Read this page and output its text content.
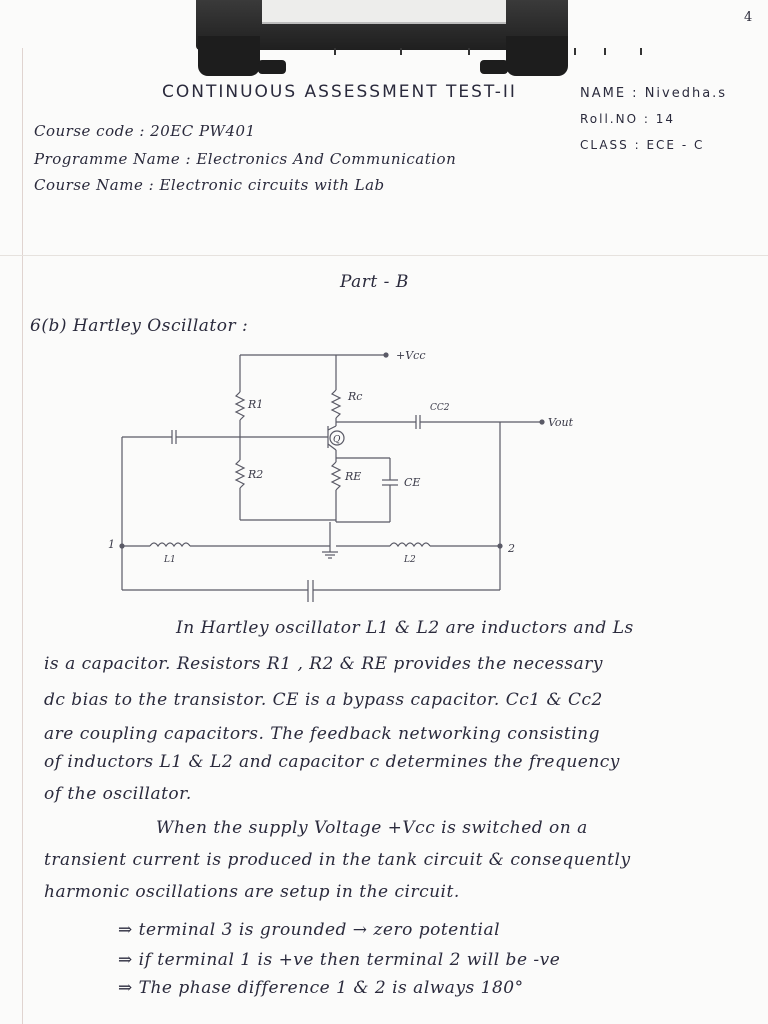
4
CONTINUOUS ASSESSMENT TEST-II	NAME : Nivedha.s
Roll.NO : 14
CLASS : ECE - C
Course code : 20EC PW401
Programme Name : Electronics And Communication
Course Name : Electronic circuits with Lab
Part - B
6(b) Hartley Oscillator :
+Vcc
R1
R2
Rc
RE
Q
CC2
CE
Vout
L1	L2
1	2
In Hartley oscillator L1 & L2 are inductors and Ls
is a capacitor. Resistors R1 , R2 & RE provides the necessary
dc bias to the transistor. CE is a bypass capacitor. Cc1 & Cc2
are coupling capacitors. The feedback networking consisting
of inductors L1 & L2 and capacitor c determines the frequency
of the oscillator.
When the supply Voltage +Vcc is switched on a
transient current is produced in the tank circuit & consequently
harmonic oscillations are setup in the circuit.
⇒ terminal 3 is grounded → zero potential
⇒ if terminal 1 is +ve then terminal 2 will be -ve
⇒ The phase difference 1 & 2 is always 180°
